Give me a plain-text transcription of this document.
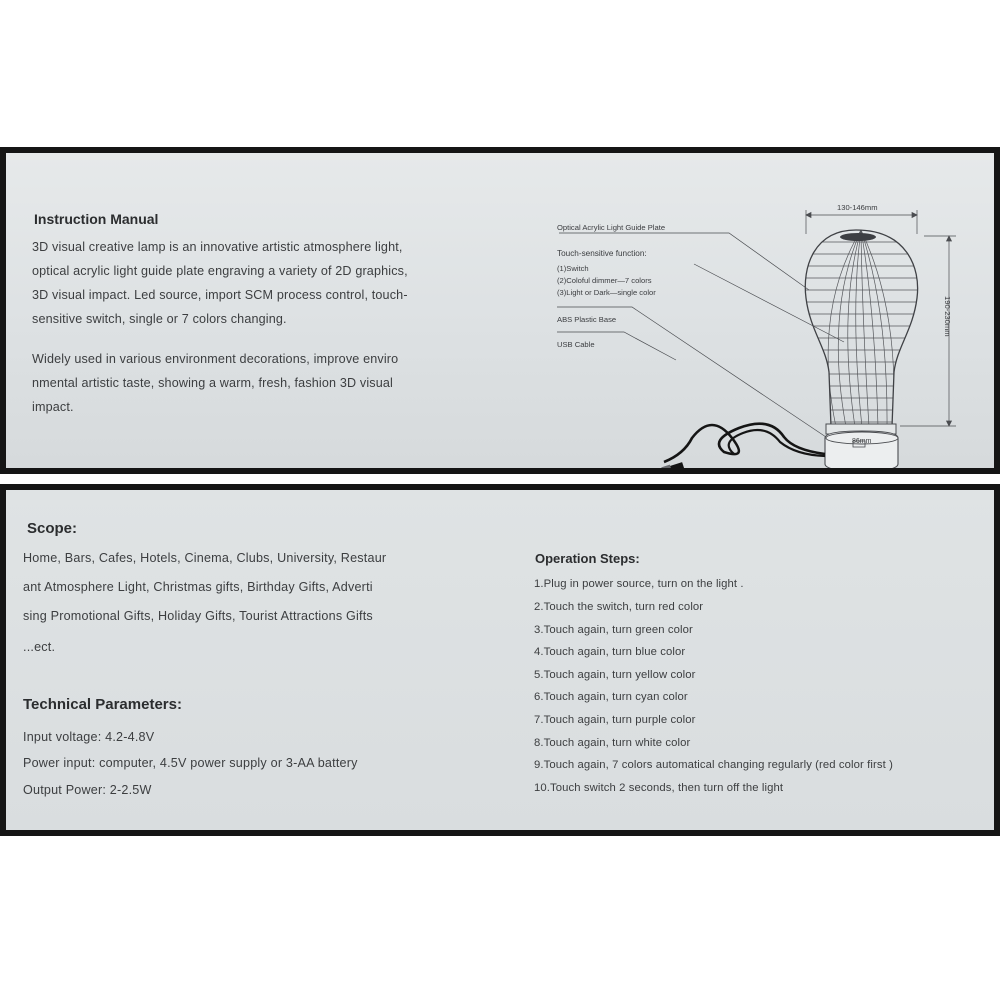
Instruction Manual

3D visual creative lamp is an innovative artistic atmosphere light,

optical acrylic light guide plate engraving a variety of 2D graphics,

3D visual impact. Led source, import SCM process control, touch-

sensitive switch, single or 7 colors changing.

Widely used in various environment decorations, improve enviro

nmental artistic taste, showing a warm, fresh, fashion 3D visual

impact.

130-146mm
190-230mm
86mm

Optical Acrylic Light Guide Plate

Touch-sensitive function:

(1)Switch

(2)Coloful dimmer—7 colors

(3)Light or Dark—single color

ABS Plastic Base

USB Cable

Scope:

Home, Bars, Cafes, Hotels, Cinema, Clubs, University, Restaur

ant Atmosphere Light, Christmas gifts, Birthday Gifts, Adverti

sing Promotional Gifts, Holiday Gifts, Tourist Attractions Gifts

...ect.

Technical Parameters:

Input voltage: 4.2-4.8V

Power input: computer, 4.5V power supply or 3-AA battery

Output Power: 2-2.5W

Operation Steps:

1.Plug in power source, turn on the light .

2.Touch the switch, turn red color

3.Touch again, turn green color

4.Touch again, turn blue color

5.Touch again, turn yellow color

6.Touch again, turn cyan color

7.Touch again, turn purple color

8.Touch again, turn white color

9.Touch again, 7 colors automatical changing regularly (red color first )

10.Touch switch 2 seconds, then turn off the light
